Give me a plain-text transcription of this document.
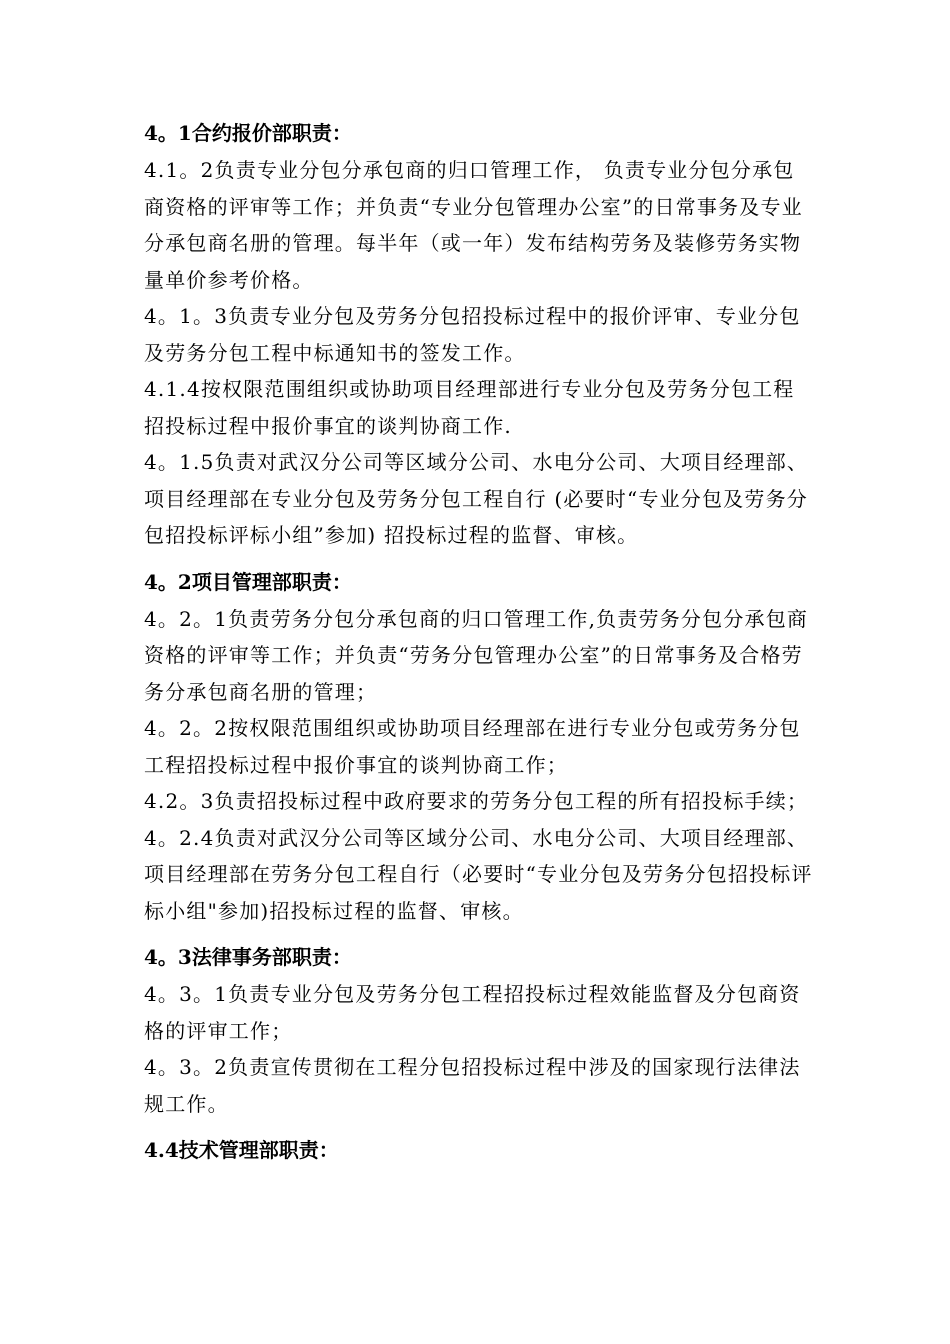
4。1合约报价部职责：

4.1。2负责专业分包分承包商的归口管理工作， 负责专业分包分承包商资格的评审等工作；并负责“专业分包管理办公室”的日常事务及专业分承包商名册的管理。每半年（或一年）发布结构劳务及装修劳务实物量单价参考价格。

4。1。3负责专业分包及劳务分包招投标过程中的报价评审、专业分包及劳务分包工程中标通知书的签发工作。

4.1.4按权限范围组织或协助项目经理部进行专业分包及劳务分包工程招投标过程中报价事宜的谈判协商工作.

4。1.5负责对武汉分公司等区域分公司、水电分公司、大项目经理部、项目经理部在专业分包及劳务分包工程自行 (必要时“专业分包及劳务分包招投标评标小组”参加) 招投标过程的监督、审核。

4。2项目管理部职责：

4。2。1负责劳务分包分承包商的归口管理工作,负责劳务分包分承包商资格的评审等工作；并负责“劳务分包管理办公室”的日常事务及合格劳务分承包商名册的管理；

4。2。2按权限范围组织或协助项目经理部在进行专业分包或劳务分包工程招投标过程中报价事宜的谈判协商工作；

4.2。3负责招投标过程中政府要求的劳务分包工程的所有招投标手续；

4。2.4负责对武汉分公司等区域分公司、水电分公司、大项目经理部、项目经理部在劳务分包工程自行（必要时“专业分包及劳务分包招投标评标小组"参加)招投标过程的监督、审核。

4。3法律事务部职责：

4。3。1负责专业分包及劳务分包工程招投标过程效能监督及分包商资格的评审工作；

4。3。2负责宣传贯彻在工程分包招投标过程中涉及的国家现行法律法规工作。

4.4技术管理部职责：
